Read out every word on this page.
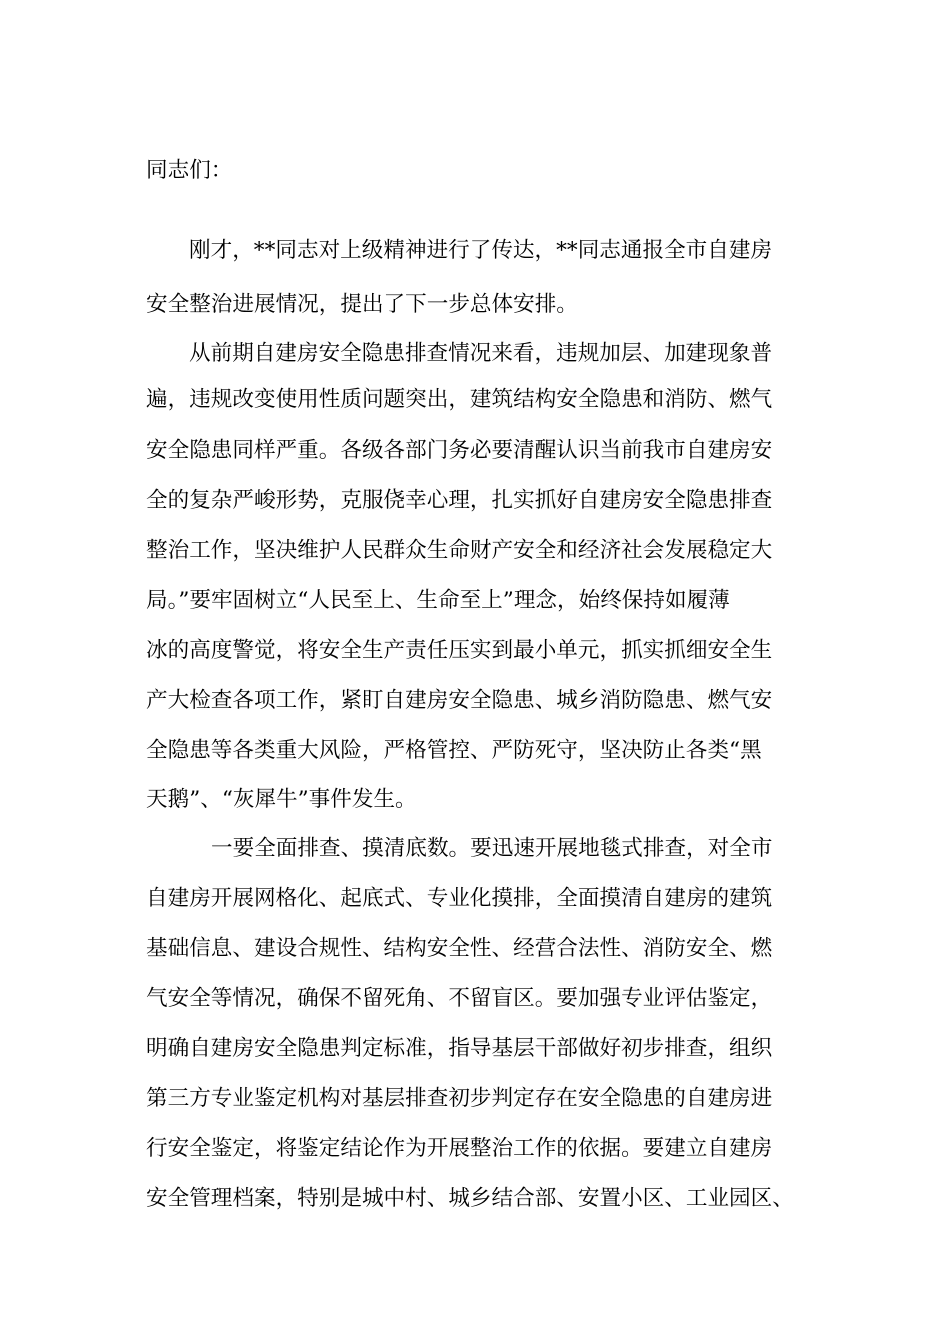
同志们：
刚才，**同志对上级精神进行了传达，**同志通报全市自建房
安全整治进展情况，提出了下一步总体安排。
从前期自建房安全隐患排查情况来看，违规加层、加建现象普
遍，违规改变使用性质问题突出，建筑结构安全隐患和消防、燃气
安全隐患同样严重。各级各部门务必要清醒认识当前我市自建房安
全的复杂严峻形势，克服侥幸心理，扎实抓好自建房安全隐患排查
整治工作，坚决维护人民群众生命财产安全和经济社会发展稳定大
局。”要牢固树立“人民至上、生命至上”理念，始终保持如履薄
冰的高度警觉，将安全生产责任压实到最小单元，抓实抓细安全生
产大检查各项工作，紧盯自建房安全隐患、城乡消防隐患、燃气安
全隐患等各类重大风险，严格管控、严防死守，坚决防止各类“黑
天鹅”、“灰犀牛”事件发生。
一要全面排查、摸清底数。要迅速开展地毯式排查，对全市
自建房开展网格化、起底式、专业化摸排，全面摸清自建房的建筑
基础信息、建设合规性、结构安全性、经营合法性、消防安全、燃
气安全等情况，确保不留死角、不留盲区。要加强专业评估鉴定，
明确自建房安全隐患判定标准，指导基层干部做好初步排查，组织
第三方专业鉴定机构对基层排查初步判定存在安全隐患的自建房进
行安全鉴定，将鉴定结论作为开展整治工作的依据。要建立自建房
安全管理档案，特别是城中村、城乡结合部、安置小区、工业园区、
